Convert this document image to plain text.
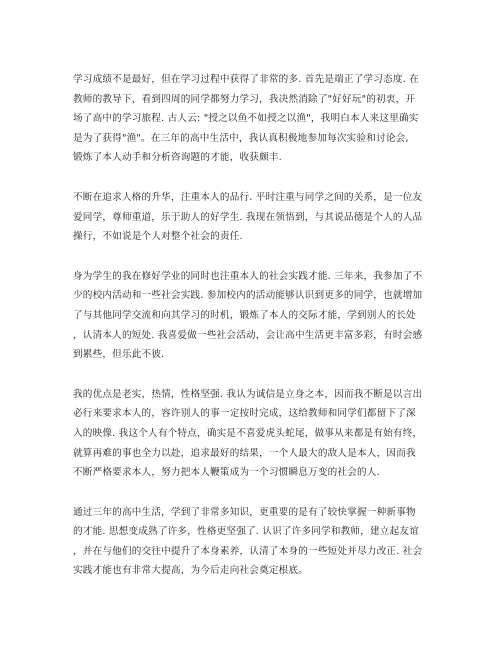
学习成绩不是最好，但在学习过程中获得了非常的多. 首先是端正了学习态度. 在
教师的教导下，看到四周的同学都努力学习，我决然消除了"好好玩"的初衷，开
场了高中的学习旅程. 古人云: "授之以鱼不如授之以渔"，我明白本人来这里确实
是为了获得"渔"。在三年的高中生活中，我认真积极地参加每次实验和讨论会,
锻炼了本人动手和分析咨询题的才能，收获颇丰.

不断在追求人格的升华，注重本人的品行. 平时注重与同学之间的关系，是一位友
爱同学，尊师重道，乐于助人的好学生. 我现在领悟到，与其说品德是个人的人品
操行，不如说是个人对整个社会的责任.

身为学生的我在修好学业的同时也注重本人的社会实践才能. 三年来，我参加了不
少的校内活动和一些社会实践. 参加校内的活动能够认识到更多的同学，也就增加
了与其他同学交流和向其学习的时机，锻炼了本人的交际才能，学到别人的长处
，认清本人的短处. 我喜爱做一些社会活动，会让高中生活更丰富多彩，有时会感
到累些，但乐此不彼.

我的优点是老实，热情，性格坚强. 我认为诚信是立身之本，因而我不断是以言出
必行来要求本人的，容许别人的事一定按时完成，这给教师和同学们都留下了深
入的映像. 我这个人有个特点，确实是不喜爱虎头蛇尾，做事从来都是有始有终，
就算再难的事也全力以赴，追求最好的结果，一个人最大的敌人是本人，因而我
不断严格要求本人，努力把本人鞭策成为一个习惯瞬息万变的社会的人.

通过三年的高中生活，学到了非常多知识，更重要的是有了较快掌握一种新事物
的才能. 思想变成熟了许多，性格更坚强了. 认识了许多同学和教师，建立起友谊
，并在与他们的交往中提升了本身素养，认清了本身的一些短处并尽力改正. 社会
实践才能也有非常大提高，为今后走向社会奠定根底。
